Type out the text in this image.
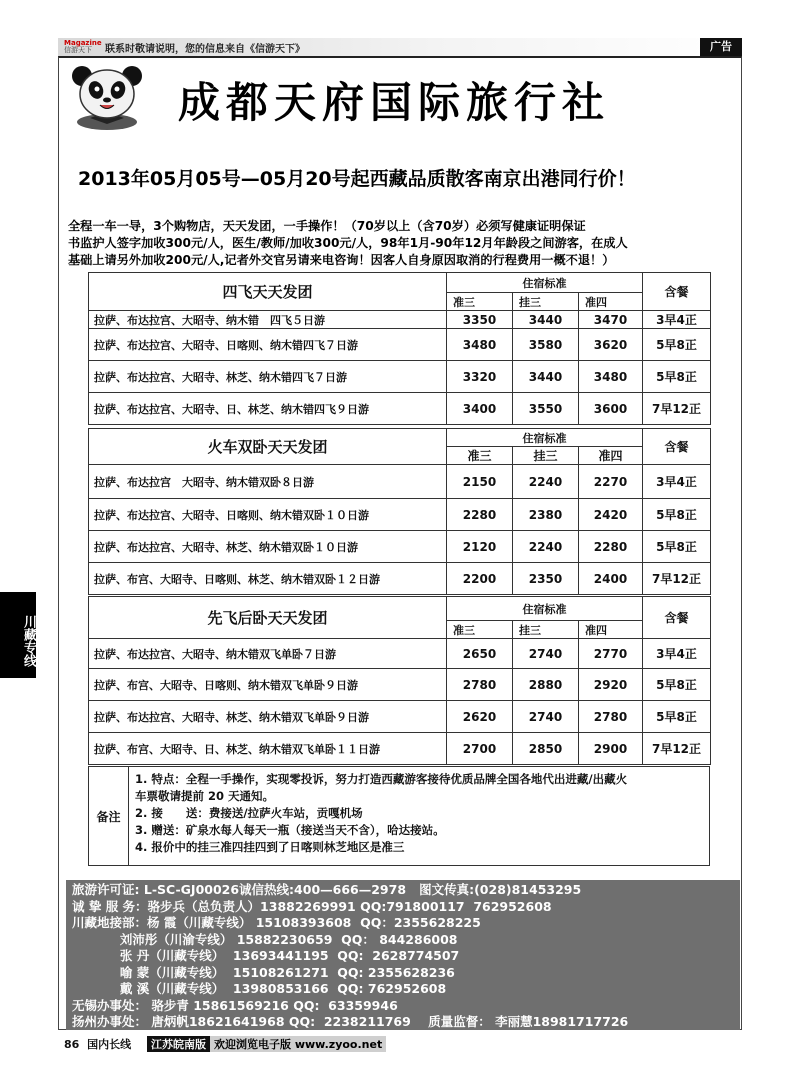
Magazine
信游天下 联系时敬请说明，您的信息来自《信游天下》	广告
川藏专线
成都天府国际旅行社
2013年05月05号—05月20号起西藏品质散客南京出港同行价！

全程一车一导，3个购物店，天天发团，一手操作！（70岁以上（含70岁）必须写健康证明保证

书监护人签字加收300元/人，医生/教师/加收300元/人，98年1月-90年12月年龄段之间游客，在成人

基础上请另外加收200元/人,记者外交官另请来电咨询！因客人自身原因取消的行程费用一概不退！）

四飞天天发团	住宿标准			含餐
	准三	挂三	准四	
拉萨、布达拉宫、大昭寺、纳木错　四飞５日游	3350	3440	3470	3早4正
拉萨、布达拉宫、大昭寺、日喀则、纳木错四飞７日游	3480	3580	3620	5早8正
拉萨、布达拉宫、大昭寺、林芝、纳木错四飞７日游	3320	3440	3480	5早8正
拉萨、布达拉宫、大昭寺、日、林芝、纳木错四飞９日游	3400	3550	3600	7早12正
火车双卧天天发团	住宿标准			含餐
	准三	挂三	准四	
拉萨、布达拉宫　大昭寺、纳木错双卧８日游	2150	2240	2270	3早4正
拉萨、布达拉宫、大昭寺、日喀则、纳木错双卧１０日游	2280	2380	2420	5早8正
拉萨、布达拉宫、大昭寺、林芝、纳木错双卧１０日游	2120	2240	2280	5早8正
拉萨、布宫、大昭寺、日喀则、林芝、纳木错双卧１２日游	2200	2350	2400	7早12正
先飞后卧天天发团	住宿标准			含餐
	准三	挂三	准四	
拉萨、布达拉宫、大昭寺、纳木错双飞单卧７日游	2650	2740	2770	3早4正
拉萨、布宫、大昭寺、日喀则、纳木错双飞单卧９日游	2780	2880	2920	5早8正
拉萨、布达拉宫、大昭寺、林芝、纳木错双飞单卧９日游	2620	2740	2780	5早8正
拉萨、布宫、大昭寺、日、林芝、纳木错双飞单卧１１日游	2700	2850	2900	7早12正
备注

1. 特点：全程一手操作，实现零投诉，努力打造西藏游客接待优质品牌全国各地代出进藏/出藏火

车票敬请提前 20 天通知。

2. 接　　送：费接送/拉萨火车站，贡嘎机场

3. 赠送：矿泉水每人每天一瓶（接送当天不含），哈达接站。

4. 报价中的挂三准四挂四到了日喀则林芝地区是准三

旅游许可证: L-SC-GJ00026诚信热线:400—666—2978   图文传真:(028)81453295

诚 挚 服 务：骆步兵（总负责人）13882269991 QQ:791800117  762952608

川藏地接部：杨 霞（川藏专线） 15108393608  QQ：2355628225

刘沛彤（川渝专线） 15882230659  QQ： 844286008

张 丹（川藏专线）  13693441195  QQ:  2628774507

喻 蒙（川藏专线）  15108261271  QQ: 2355628236

戴 溪（川藏专线）  13980853166  QQ: 762952608

无锡办事处： 骆步青 15861569216 QQ:  63359946

扬州办事处： 唐炳帆18621641968 QQ:  2238211769    质量监督： 李丽慧18981717726

86 国内长线 江苏皖南版 欢迎浏览电子版 www.zyoo.net
